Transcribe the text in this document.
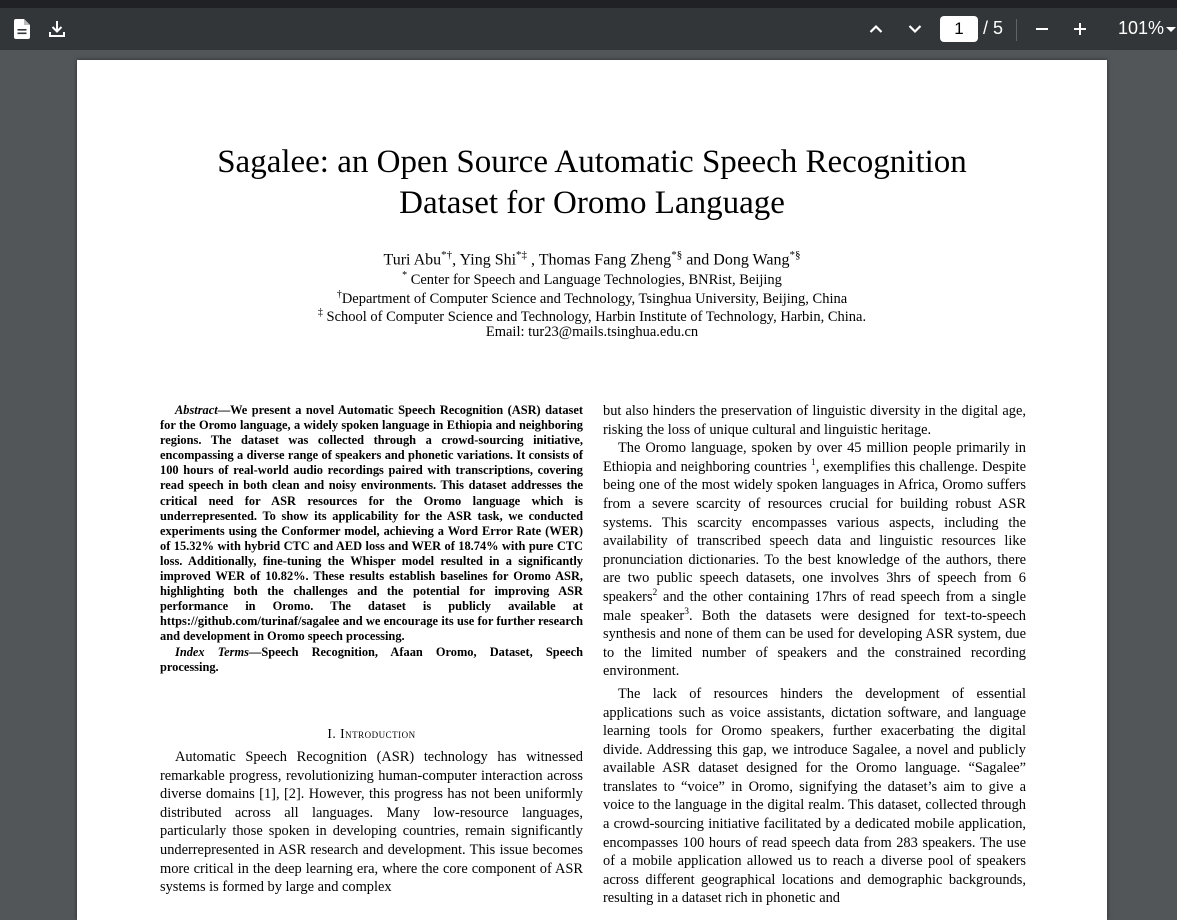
1	/ 5	101%
Sagalee: an Open Source Automatic Speech Recognition
Dataset for Oromo Language
Turi Abu*†, Ying Shi*‡ , Thomas Fang Zheng*§ and Dong Wang*§
* Center for Speech and Language Technologies, BNRist, Beijing
†Department of Computer Science and Technology, Tsinghua University, Beijing, China
‡ School of Computer Science and Technology, Harbin Institute of Technology, Harbin, China.
Email: tur23@mails.tsinghua.edu.cn
Abstract—We present a novel Automatic Speech Recognition (ASR) dataset for the Oromo language, a widely spoken language in Ethiopia and neighboring regions. The dataset was collected through a crowd-sourcing initiative, encompassing a diverse range of speakers and phonetic variations. It consists of 100 hours of real-world audio recordings paired with transcriptions, covering read speech in both clean and noisy environments. This dataset addresses the critical need for ASR resources for the Oromo language which is underrepresented. To show its applicability for the ASR task, we conducted experiments using the Conformer model, achieving a Word Error Rate (WER) of 15.32% with hybrid CTC and AED loss and WER of 18.74% with pure CTC loss. Additionally, fine-tuning the Whisper model resulted in a significantly improved WER of 10.82%. These results establish baselines for Oromo ASR, highlighting both the challenges and the potential for improving ASR performance in Oromo. The dataset is publicly available at https://github.com/turinaf/sagalee and we encourage its use for further research and development in Oromo speech processing.
Index Terms—Speech Recognition, Afaan Oromo, Dataset, Speech processing.
I. Introduction

Automatic Speech Recognition (ASR) technology has witnessed remarkable progress, revolutionizing human-computer interaction across diverse domains [1], [2]. However, this progress has not been uniformly distributed across all languages. Many low-resource languages, particularly those spoken in developing countries, remain significantly underrepresented in ASR research and development. This issue becomes more critical in the deep learning era, where the core component of ASR systems is formed by large and complex

but also hinders the preservation of linguistic diversity in the digital age, risking the loss of unique cultural and linguistic heritage.

The Oromo language, spoken by over 45 million people primarily in Ethiopia and neighboring countries $^1$, exemplifies this challenge. Despite being one of the most widely spoken languages in Africa, Oromo suffers from a severe scarcity of resources crucial for building robust ASR systems. This scarcity encompasses various aspects, including the availability of transcribed speech data and linguistic resources like pronunciation dictionaries. To the best knowledge of the authors, there are two public speech datasets, one involves 3hrs of speech from 6 speakers$^2$ and the other containing 17hrs of read speech from a single male speaker$^3$. Both the datasets were designed for text-to-speech synthesis and none of them can be used for developing ASR system, due to the limited number of speakers and the constrained recording environment.

The lack of resources hinders the development of essential applications such as voice assistants, dictation software, and language learning tools for Oromo speakers, further exacerbating the digital divide. Addressing this gap, we introduce Sagalee, a novel and publicly available ASR dataset designed for the Oromo language. “Sagalee” translates to “voice” in Oromo, signifying the dataset’s aim to give a voice to the language in the digital realm. This dataset, collected through a crowd-sourcing initiative facilitated by a dedicated mobile application, encompasses 100 hours of read speech data from 283 speakers. The use of a mobile application allowed us to reach a diverse pool of speakers across different geographical locations and demographic backgrounds, resulting in a dataset rich in phonetic and
